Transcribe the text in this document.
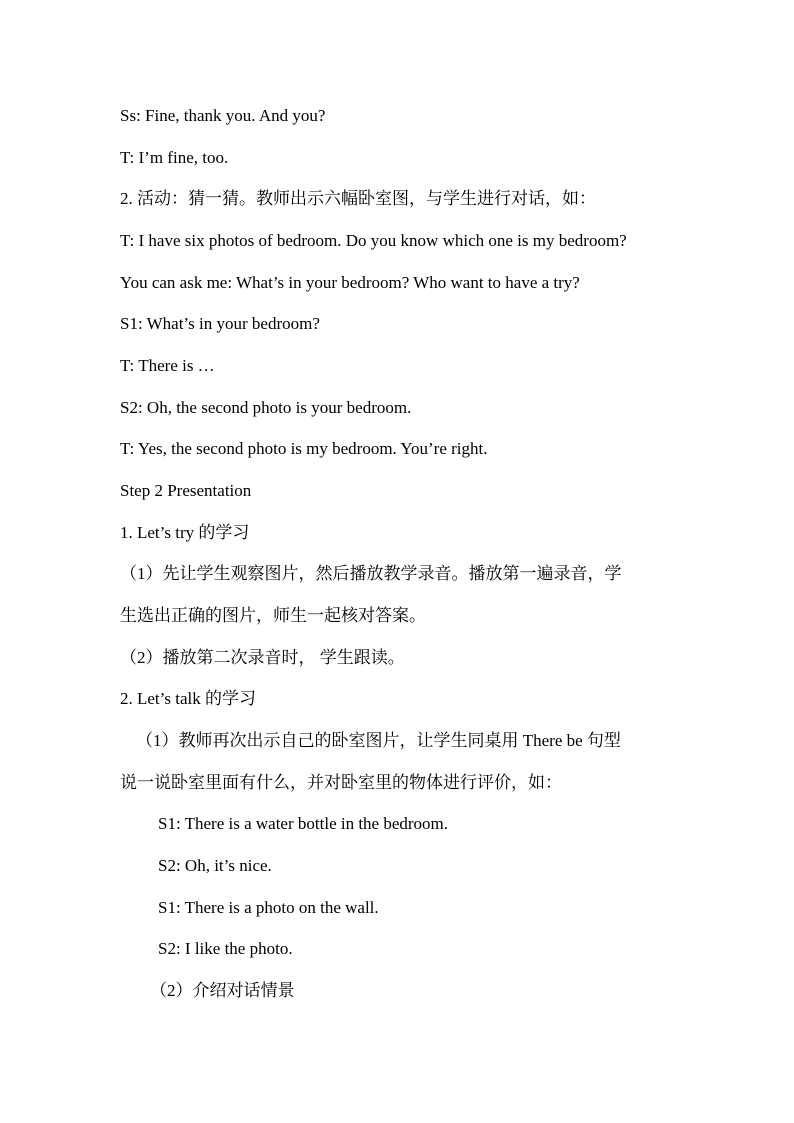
Ss: Fine, thank you. And you?
T: I’m fine, too.
2. 活动：猜一猜。教师出示六幅卧室图，与学生进行对话，如：
T: I have six photos of bedroom. Do you know which one is my bedroom?
You can ask me: What’s in your bedroom? Who want to have a try?
S1: What’s in your bedroom?
T: There is …
S2: Oh, the second photo is your bedroom.
T: Yes, the second photo is my bedroom. You’re right.
Step 2 Presentation
1. Let’s try 的学习
（1）先让学生观察图片，然后播放教学录音。播放第一遍录音，学
生选出正确的图片，师生一起核对答案。
（2）播放第二次录音时， 学生跟读。
2. Let’s talk 的学习
（1）教师再次出示自己的卧室图片，让学生同桌用 There be 句型
说一说卧室里面有什么，并对卧室里的物体进行评价，如：
S1: There is a water bottle in the bedroom.
S2: Oh, it’s nice.
S1: There is a photo on the wall.
S2: I like the photo.
（2）介绍对话情景
